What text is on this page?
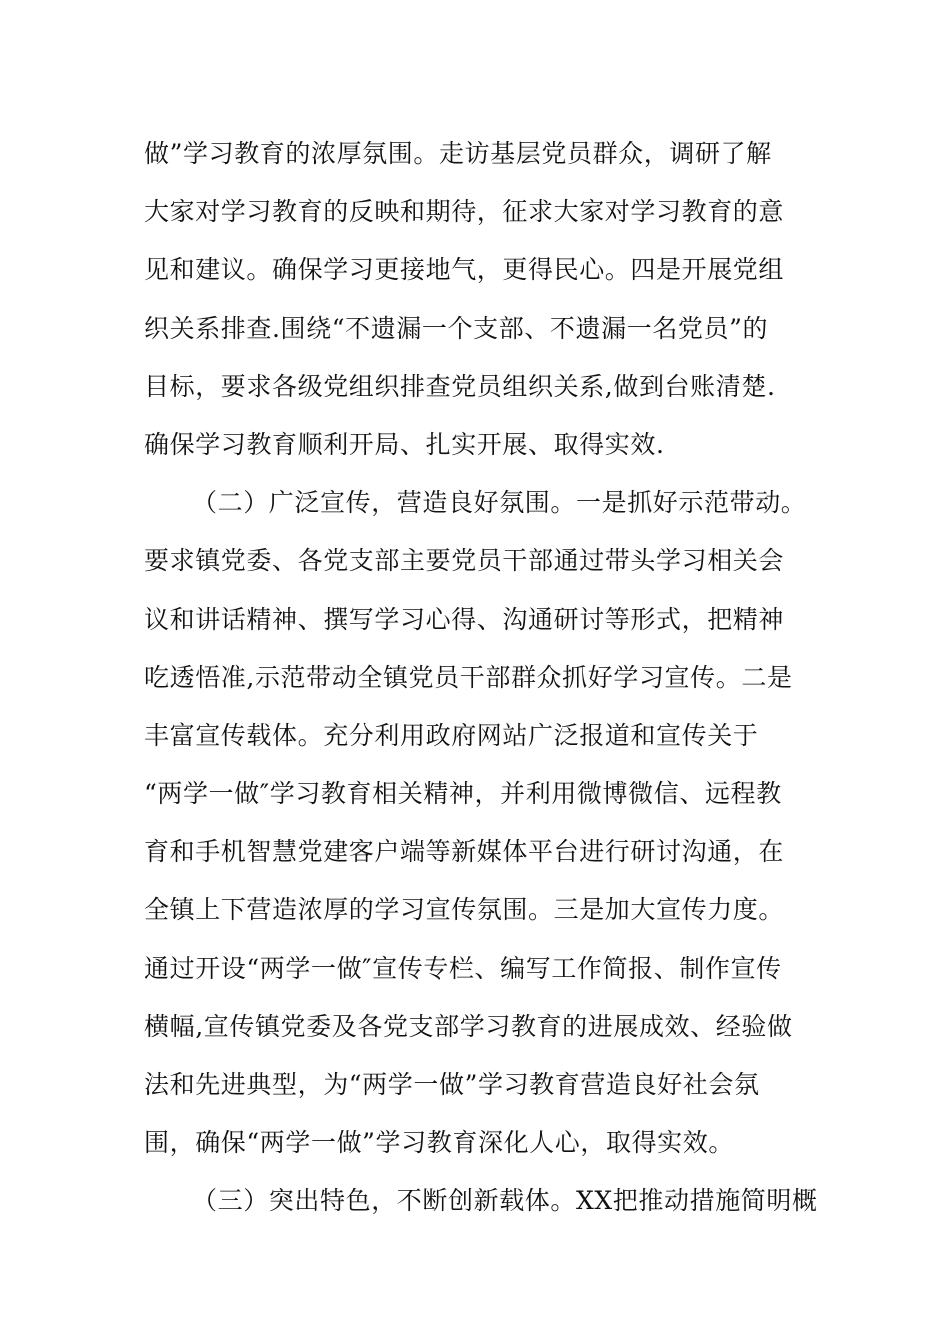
做”学习教育的浓厚氛围。走访基层党员群众，调研了解
大家对学习教育的反映和期待，征求大家对学习教育的意
见和建议。确保学习更接地气，更得民心。四是开展党组
织关系排查.围绕“不遗漏一个支部、不遗漏一名党员”的
目标，要求各级党组织排查党员组织关系,做到台账清楚.
确保学习教育顺利开局、扎实开展、取得实效.
（二）广泛宣传，营造良好氛围。一是抓好示范带动。
要求镇党委、各党支部主要党员干部通过带头学习相关会
议和讲话精神、撰写学习心得、沟通研讨等形式，把精神
吃透悟准,示范带动全镇党员干部群众抓好学习宣传。二是
丰富宣传载体。充分利用政府网站广泛报道和宣传关于
“两学一做″学习教育相关精神，并利用微博微信、远程教
育和手机智慧党建客户端等新媒体平台进行研讨沟通，在
全镇上下营造浓厚的学习宣传氛围。三是加大宣传力度。
通过开设“两学一做″宣传专栏、编写工作简报、制作宣传
横幅,宣传镇党委及各党支部学习教育的进展成效、经验做
法和先进典型，为“两学一做”学习教育营造良好社会氛
围，确保“两学一做”学习教育深化人心，取得实效。
（三）突出特色，不断创新载体。XX把推动措施简明概
